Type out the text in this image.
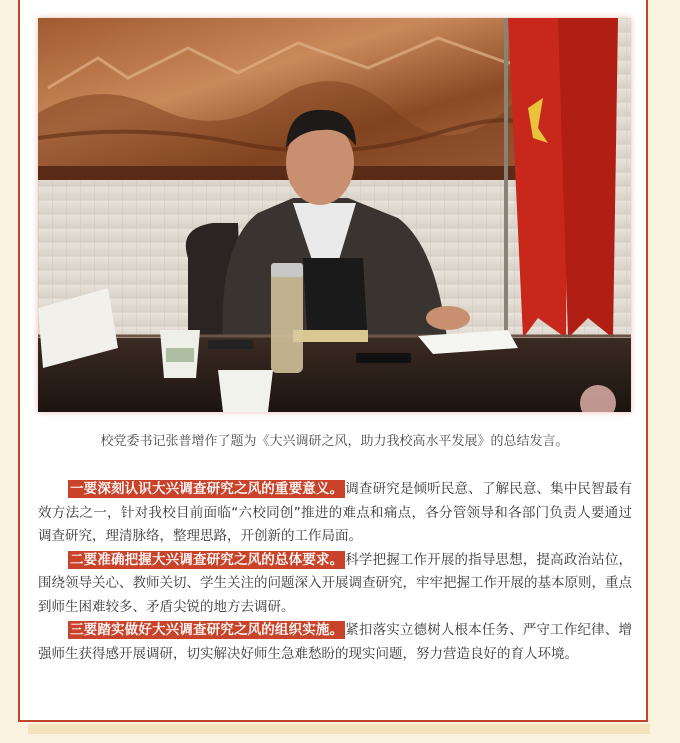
校党委书记张普增作了题为《大兴调研之风，助力我校高水平发展》的总结发言。

一要深刻认识大兴调查研究之风的重要意义。 调查研究是倾听民意、了解民意、集中民智最有效方法之一，针对我校目前面临“六校同创”推进的难点和痛点，各分管领导和各部门负责人要通过调查研究，理清脉络，整理思路，开创新的工作局面。

二要准确把握大兴调查研究之风的总体要求。 科学把握工作开展的指导思想，提高政治站位，围绕领导关心、教师关切、学生关注的问题深入开展调查研究，牢牢把握工作开展的基本原则，重点到师生困难较多、矛盾尖锐的地方去调研。

三要踏实做好大兴调查研究之风的组织实施。 紧扣落实立德树人根本任务、严守工作纪律、增强师生获得感开展调研，切实解决好师生急难愁盼的现实问题，努力营造良好的育人环境。
